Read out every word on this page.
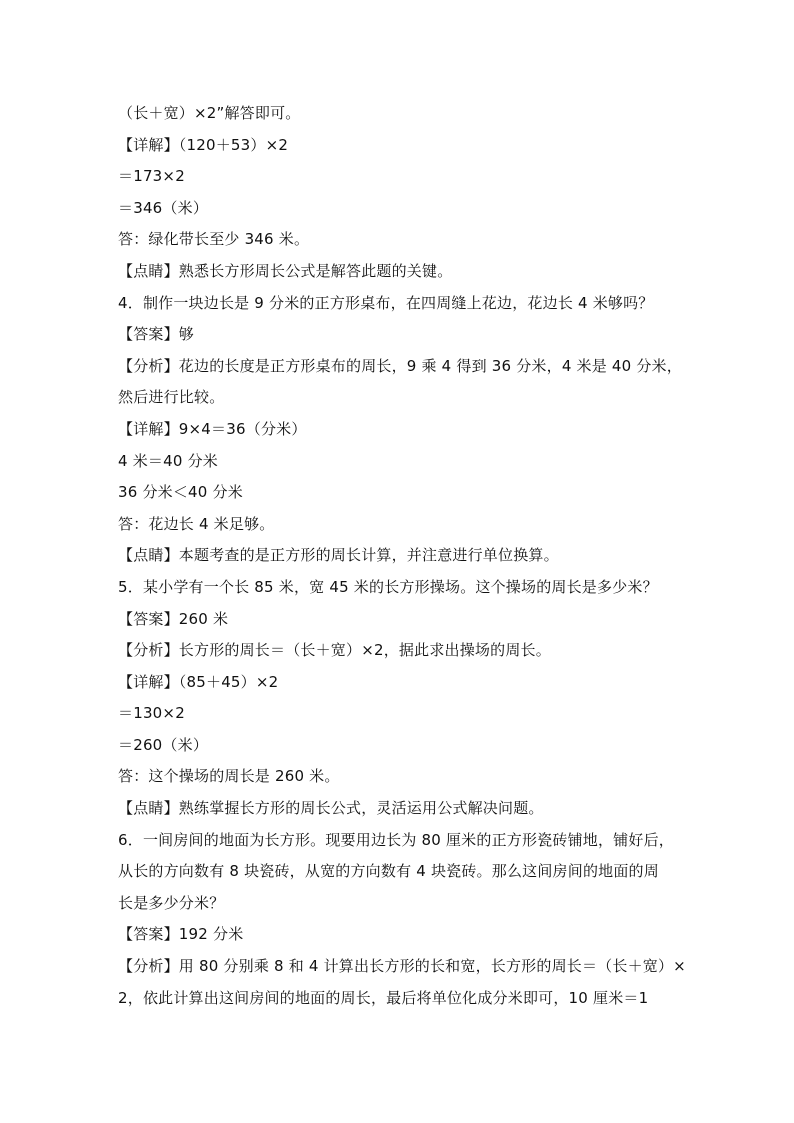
（长＋宽）×2”解答即可。
【详解】（120＋53）×2
＝173×2
＝346（米）
答：绿化带长至少 346 米。
【点睛】熟悉长方形周长公式是解答此题的关键。
4．制作一块边长是 9 分米的正方形桌布，在四周缝上花边，花边长 4 米够吗？
【答案】够
【分析】花边的长度是正方形桌布的周长，9 乘 4 得到 36 分米，4 米是 40 分米，
然后进行比较。
【详解】9×4＝36（分米）
4 米＝40 分米
36 分米＜40 分米
答：花边长 4 米足够。
【点睛】本题考查的是正方形的周长计算，并注意进行单位换算。
5．某小学有一个长 85 米，宽 45 米的长方形操场。这个操场的周长是多少米？
【答案】260 米
【分析】长方形的周长＝（长＋宽）×2，据此求出操场的周长。
【详解】（85＋45）×2
＝130×2
＝260（米）
答：这个操场的周长是 260 米。
【点睛】熟练掌握长方形的周长公式，灵活运用公式解决问题。
6．一间房间的地面为长方形。现要用边长为 80 厘米的正方形瓷砖铺地，铺好后，
从长的方向数有 8 块瓷砖，从宽的方向数有 4 块瓷砖。那么这间房间的地面的周
长是多少分米？
【答案】192 分米
【分析】用 80 分别乘 8 和 4 计算出长方形的长和宽，长方形的周长＝（长＋宽）×
2，依此计算出这间房间的地面的周长，最后将单位化成分米即可，10 厘米＝1
